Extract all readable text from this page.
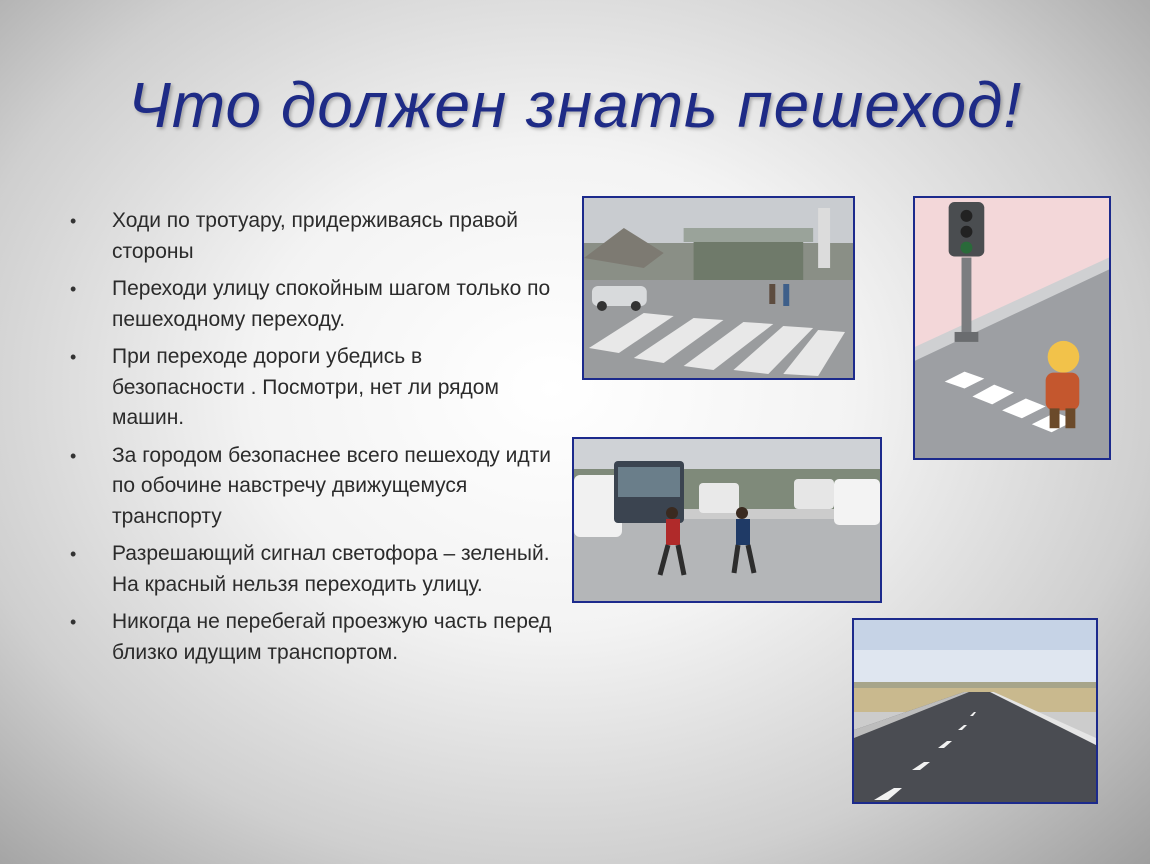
Что должен знать пешеход!
• Ходи по тротуару, придерживаясь правой стороны
• Переходи улицу спокойным шагом только по пешеходному переходу.
• При переходе дороги убедись в безопасности . Посмотри, нет ли рядом машин.
• За городом безопаснее всего пешеходу идти по обочине навстречу движущемуся транспорту
• Разрешающий сигнал светофора – зеленый. На красный нельзя переходить улицу.
• Никогда не перебегай проезжую часть перед близко идущим транспортом.
